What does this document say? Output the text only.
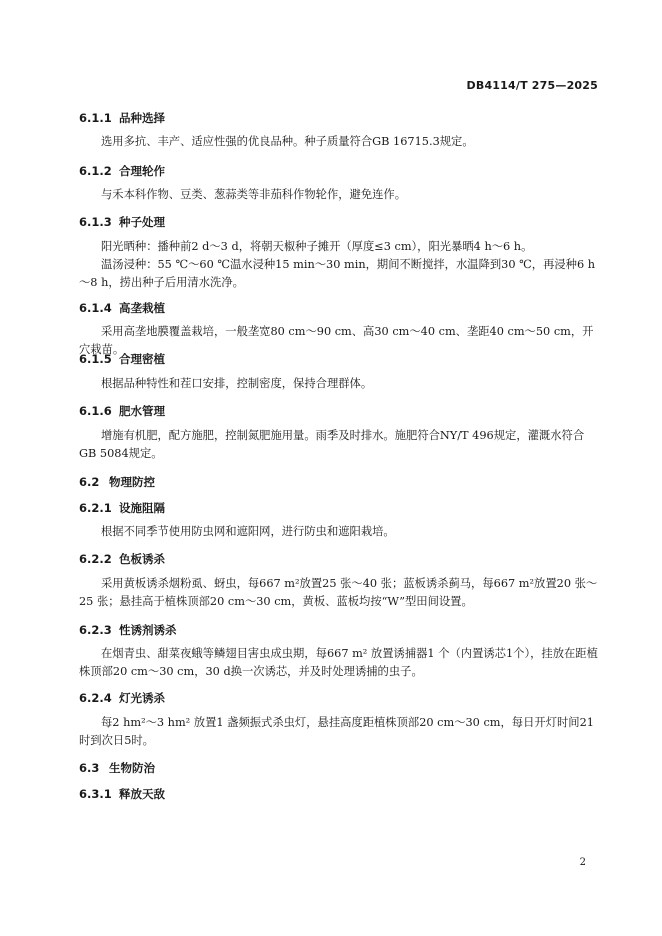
DB4114/T 275—2025
6.1.1 品种选择
选用多抗、丰产、适应性强的优良品种。种子质量符合GB 16715.3规定。
6.1.2 合理轮作
与禾本科作物、豆类、葱蒜类等非茄科作物轮作，避免连作。
6.1.3 种子处理
阳光晒种：播种前2 d～3 d，将朝天椒种子摊开（厚度≤3 cm），阳光暴晒4 h～6 h。
温汤浸种：55 ℃～60 ℃温水浸种15 min～30 min，期间不断搅拌，水温降到30 ℃，再浸种6 h～8 h，捞出种子后用清水洗净。
6.1.4 高垄栽植
采用高垄地膜覆盖栽培，一般垄宽80 cm～90 cm、高30 cm～40 cm、垄距40 cm～50 cm，开穴栽苗。
6.1.5 合理密植
根据品种特性和茬口安排，控制密度，保持合理群体。
6.1.6 肥水管理
增施有机肥，配方施肥，控制氮肥施用量。雨季及时排水。施肥符合NY/T 496规定，灌溉水符合GB 5084规定。
6.2 物理防控
6.2.1 设施阻隔
根据不同季节使用防虫网和遮阳网，进行防虫和遮阳栽培。
6.2.2 色板诱杀
采用黄板诱杀烟粉虱、蚜虫，每667 m²放置25 张～40 张；蓝板诱杀蓟马，每667 m²放置20 张～25 张；悬挂高于植株顶部20 cm～30 cm，黄板、蓝板均按“W”型田间设置。
6.2.3 性诱剂诱杀
在烟青虫、甜菜夜蛾等鳞翅目害虫成虫期，每667 m² 放置诱捕器1 个（内置诱芯1个），挂放在距植株顶部20 cm～30 cm，30 d换一次诱芯，并及时处理诱捕的虫子。
6.2.4 灯光诱杀
每2 hm²～3 hm² 放置1 盏频振式杀虫灯，悬挂高度距植株顶部20 cm～30 cm，每日开灯时间21时到次日5时。
6.3 生物防治
6.3.1 释放天敌
2
